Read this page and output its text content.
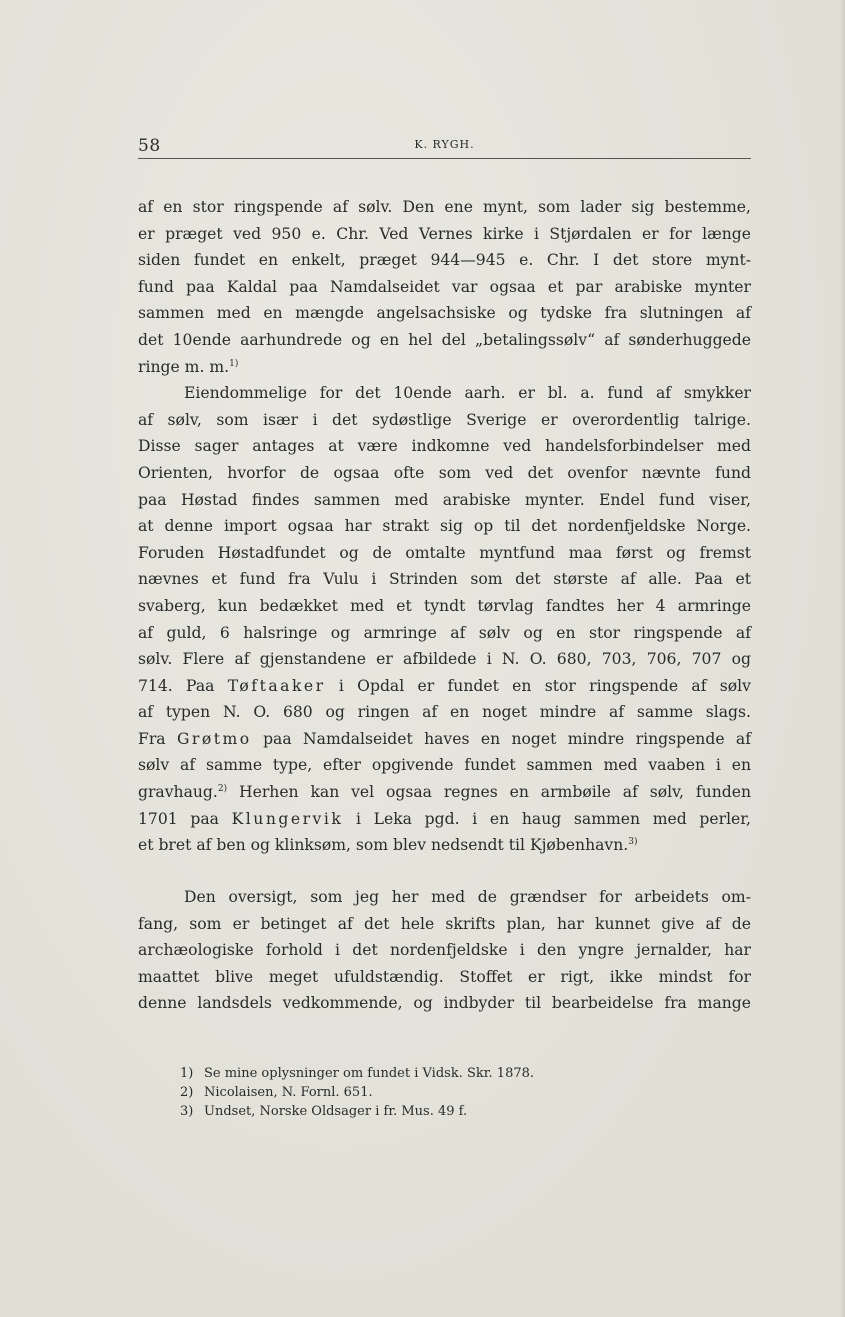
58	K. RYGH.
af en stor ringspende af sølv. Den ene mynt, som lader sig bestemme,
er præget ved 950 e. Chr. Ved Vernes kirke i Stjørdalen er for længe
siden fundet en enkelt, præget 944—945 e. Chr. I det store mynt-
fund paa Kaldal paa Namdalseidet var ogsaa et par arabiske mynter
sammen med en mængde angelsachsiske og tydske fra slutningen af
det 10ende aarhundrede og en hel del „betalingssølv“ af sønderhuggede
ringe m. m.$^{1)}$
Eiendommelige for det 10ende aarh. er bl. a. fund af smykker
af sølv, som især i det sydøstlige Sverige er overordentlig talrige.
Disse sager antages at være indkomne ved handelsforbindelser med
Orienten, hvorfor de ogsaa ofte som ved det ovenfor nævnte fund
paa Høstad findes sammen med arabiske mynter. Endel fund viser,
at denne import ogsaa har strakt sig op til det nordenfjeldske Norge.
Foruden Høstadfundet og de omtalte myntfund maa først og fremst
nævnes et fund fra Vulu i Strinden som det største af alle. Paa et
svaberg, kun bedækket med et tyndt tørvlag fandtes her 4 armringe
af guld, 6 halsringe og armringe af sølv og en stor ringspende af
sølv. Flere af gjenstandene er afbildede i N. O. 680, 703, 706, 707 og
714. Paa Tøftaaker i Opdal er fundet en stor ringspende af sølv
af typen N. O. 680 og ringen af en noget mindre af samme slags.
Fra Grøtmo paa Namdalseidet haves en noget mindre ringspende af
sølv af samme type, efter opgivende fundet sammen med vaaben i en
gravhaug.$^{2)}$ Herhen kan vel ogsaa regnes en armbøile af sølv, funden
1701 paa Klungervik i Leka pgd. i en haug sammen med perler,
et bret af ben og klinksøm, som blev nedsendt til Kjøbenhavn.$^{3)}$
Den oversigt, som jeg her med de grændser for arbeidets om-
fang, som er betinget af det hele skrifts plan, har kunnet give af de
archæologiske forhold i det nordenfjeldske i den yngre jernalder, har
maattet blive meget ufuldstændig. Stoffet er rigt, ikke mindst for
denne landsdels vedkommende, og indbyder til bearbeidelse fra mange
1) Se mine oplysninger om fundet i Vidsk. Skr. 1878.
2) Nicolaisen, N. Fornl. 651.
3) Undset, Norske Oldsager i fr. Mus. 49 f.
